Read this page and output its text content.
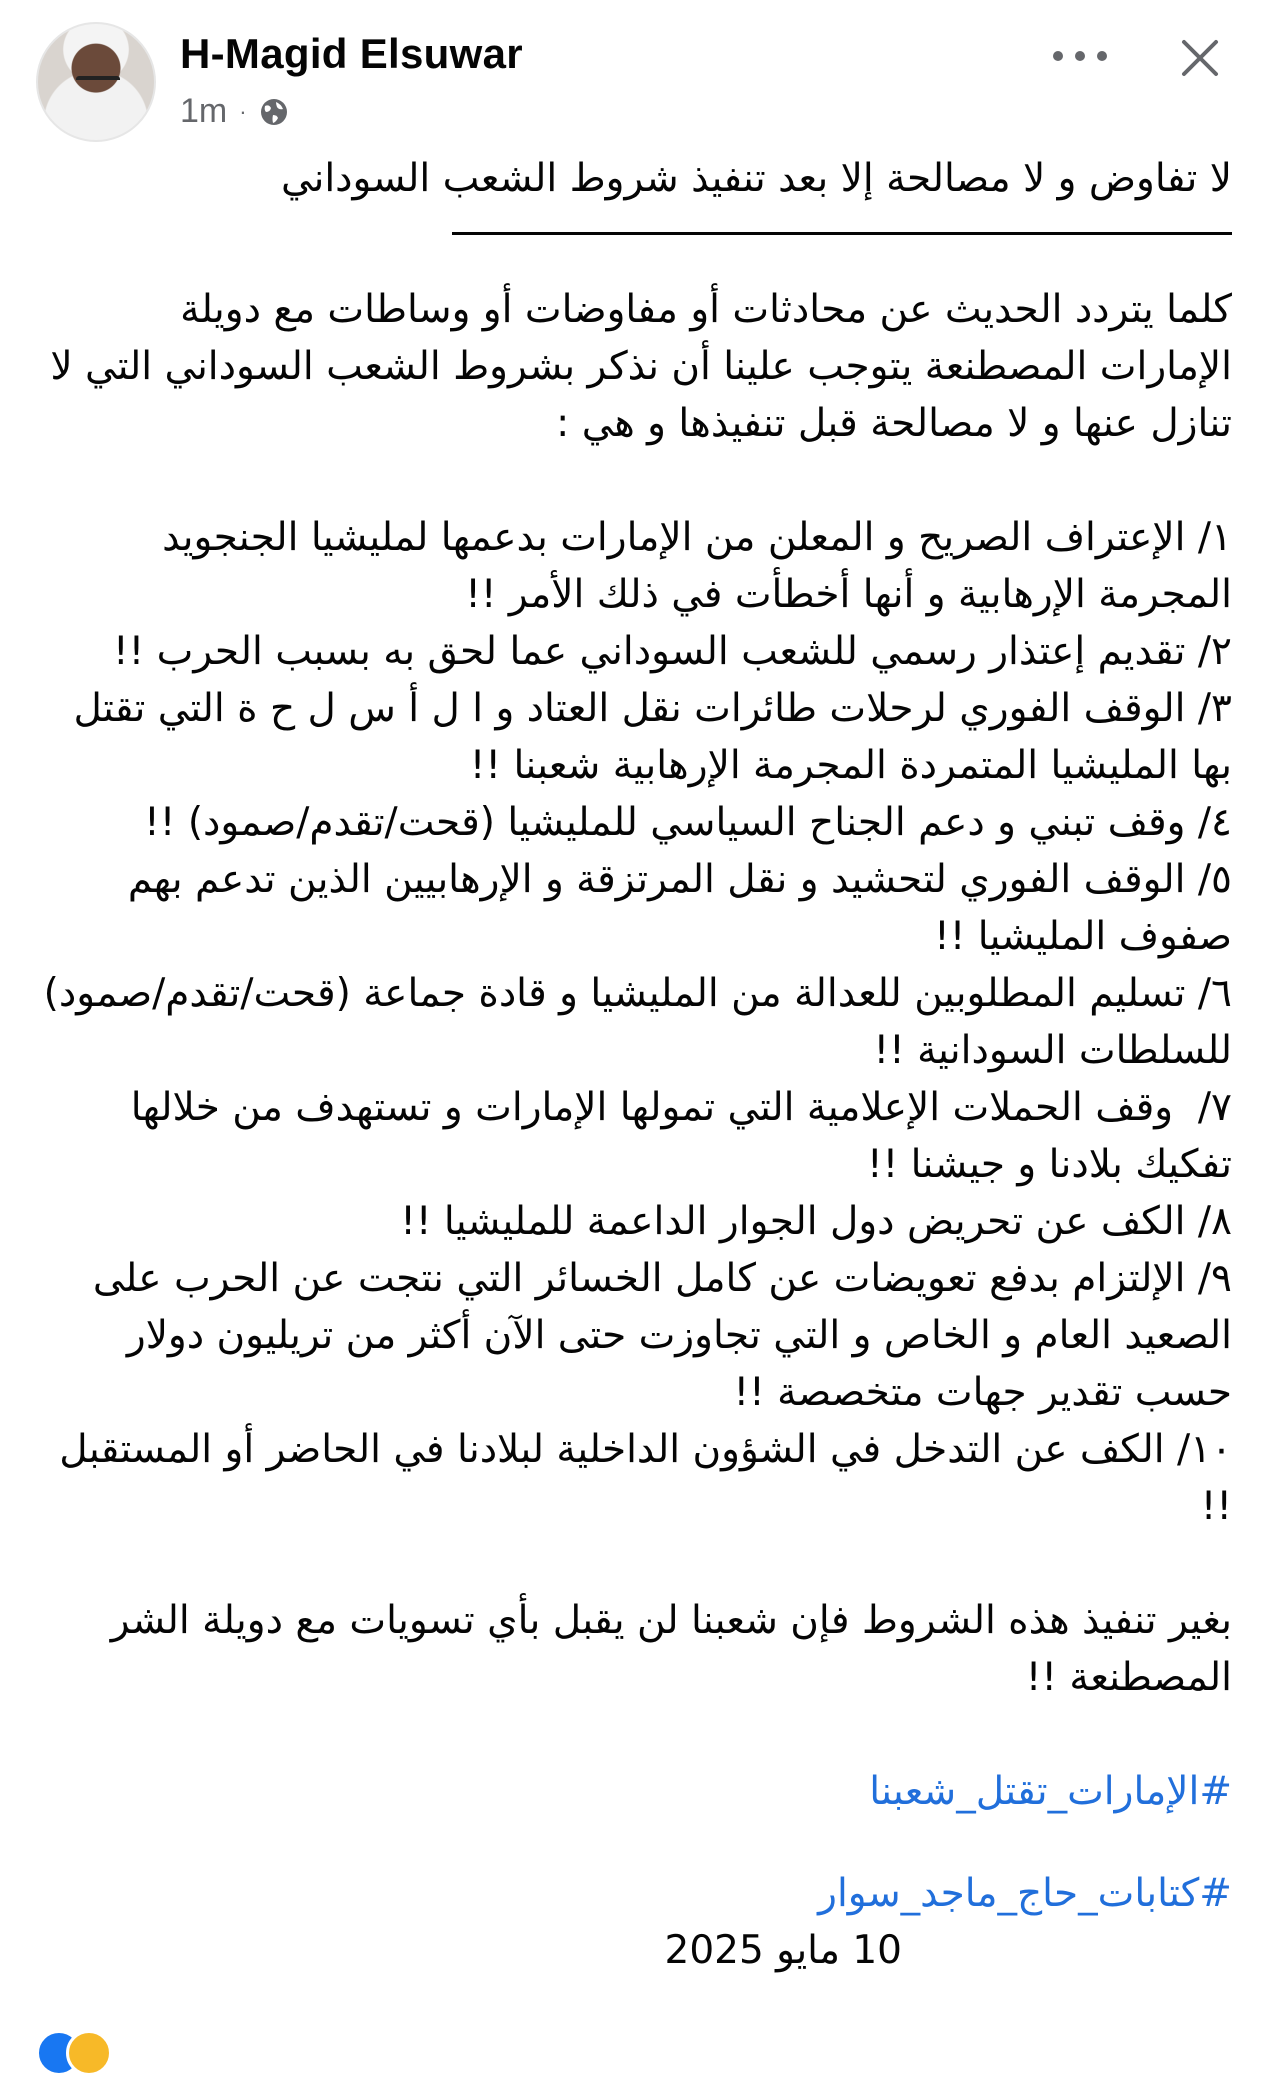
H-Magid Elsuwar
1m ·

لا تفاوض و لا مصالحة إلا بعد تنفيذ شروط الشعب السوداني

كلما يتردد الحديث عن محادثات أو مفاوضات أو وساطات مع دويلة الإمارات المصطنعة يتوجب علينا أن نذكر بشروط الشعب السوداني التي لا تنازل عنها و لا مصالحة قبل تنفيذها و هي :

١/ الإعتراف الصريح و المعلن من الإمارات بدعمها لمليشيا الجنجويد المجرمة الإرهابية و أنها أخطأت في ذلك الأمر !!

٢/ تقديم إعتذار رسمي للشعب السوداني عما لحق به بسبب الحرب !!

٣/ الوقف الفوري لرحلات طائرات نقل العتاد و ا ل أ س ل ح ة التي تقتل بها المليشيا المتمردة المجرمة الإرهابية شعبنا !!

٤/ وقف تبني و دعم الجناح السياسي للمليشيا (قحت/تقدم/صمود) !!

٥/ الوقف الفوري لتحشيد و نقل المرتزقة و الإرهابيين الذين تدعم بهم صفوف المليشيا !!

٦/ تسليم المطلوبين للعدالة من المليشيا و قادة جماعة (قحت/تقدم/صمود) للسلطات السودانية !!

٧/  وقف الحملات الإعلامية التي تمولها الإمارات و تستهدف من خلالها تفكيك بلادنا و جيشنا !!

٨/ الكف عن تحريض دول الجوار الداعمة للمليشيا !!

٩/ الإلتزام بدفع تعويضات عن كامل الخسائر التي نتجت عن الحرب على الصعيد العام و الخاص و التي تجاوزت حتى الآن أكثر من تريليون دولار حسب تقدير جهات متخصصة !!

١٠/ الكف عن التدخل في الشؤون الداخلية لبلادنا في الحاضر أو المستقبل !!

بغير تنفيذ هذه الشروط فإن شعبنا لن يقبل بأي تسويات مع دويلة الشر المصطنعة !!

#الإمارات_تقتل_شعبنا

#كتابات_حاج_ماجد_سوار

10 مايو 2025
